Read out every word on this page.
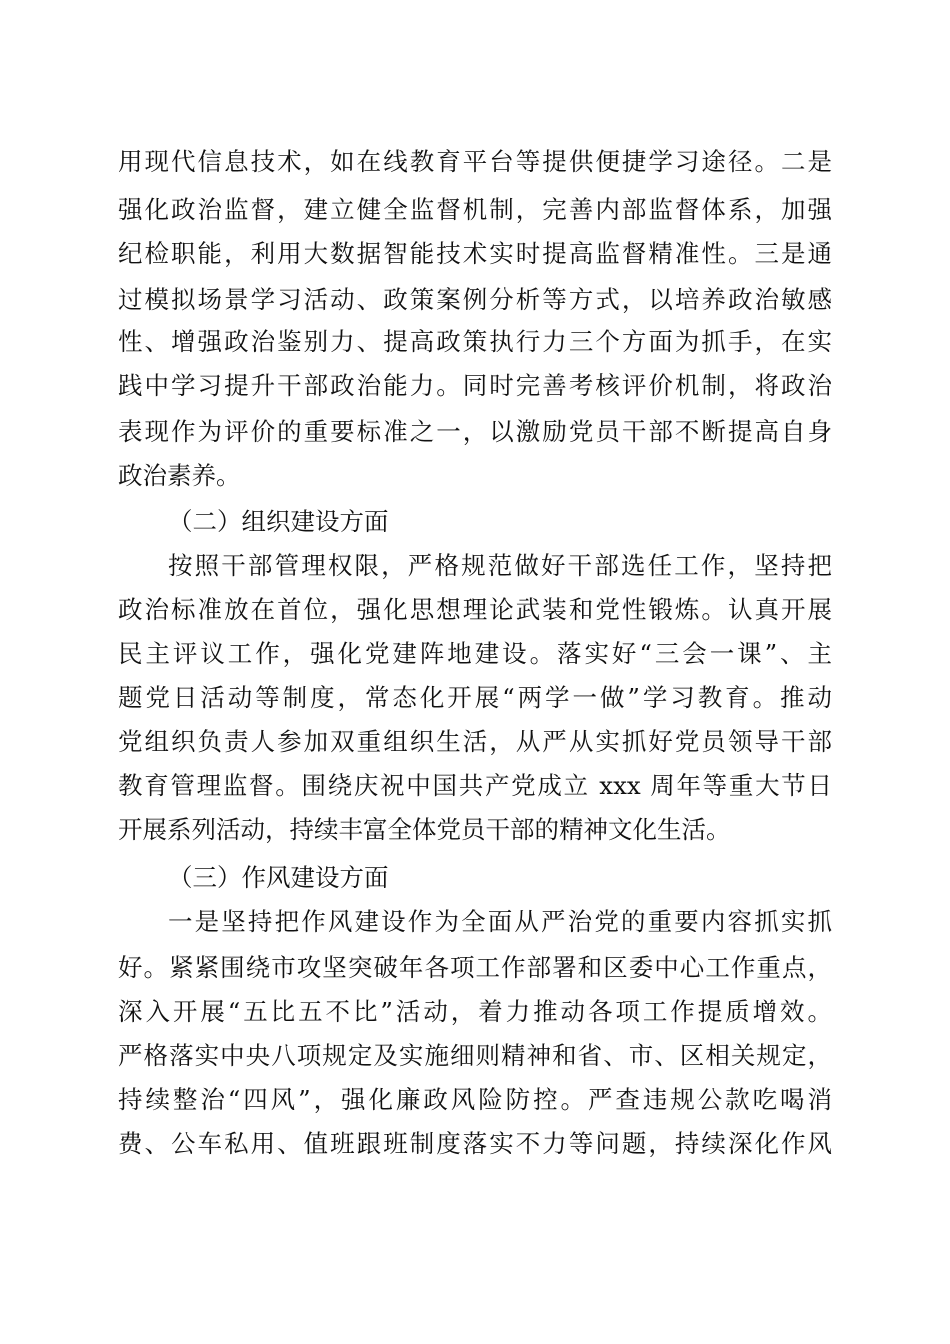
用现代信息技术，如在线教育平台等提供便捷学习途径。二是
强化政治监督，建立健全监督机制，完善内部监督体系，加强
纪检职能，利用大数据智能技术实时提高监督精准性。三是通
过模拟场景学习活动、政策案例分析等方式，以培养政治敏感
性、增强政治鉴别力、提高政策执行力三个方面为抓手，在实
践中学习提升干部政治能力。同时完善考核评价机制，将政治
表现作为评价的重要标准之一，以激励党员干部不断提高自身
政治素养。
（二）组织建设方面
按照干部管理权限，严格规范做好干部选任工作，坚持把
政治标准放在首位，强化思想理论武装和党性锻炼。认真开展
民主评议工作，强化党建阵地建设。落实好“三会一课”、主
题党日活动等制度，常态化开展“两学一做”学习教育。推动
党组织负责人参加双重组织生活，从严从实抓好党员领导干部
教育管理监督。围绕庆祝中国共产党成立 xxx 周年等重大节日
开展系列活动，持续丰富全体党员干部的精神文化生活。
（三）作风建设方面
一是坚持把作风建设作为全面从严治党的重要内容抓实抓
好。紧紧围绕市攻坚突破年各项工作部署和区委中心工作重点，
深入开展“五比五不比”活动，着力推动各项工作提质增效。
严格落实中央八项规定及实施细则精神和省、市、区相关规定，
持续整治“四风”，强化廉政风险防控。严查违规公款吃喝消
费、公车私用、值班跟班制度落实不力等问题，持续深化作风
